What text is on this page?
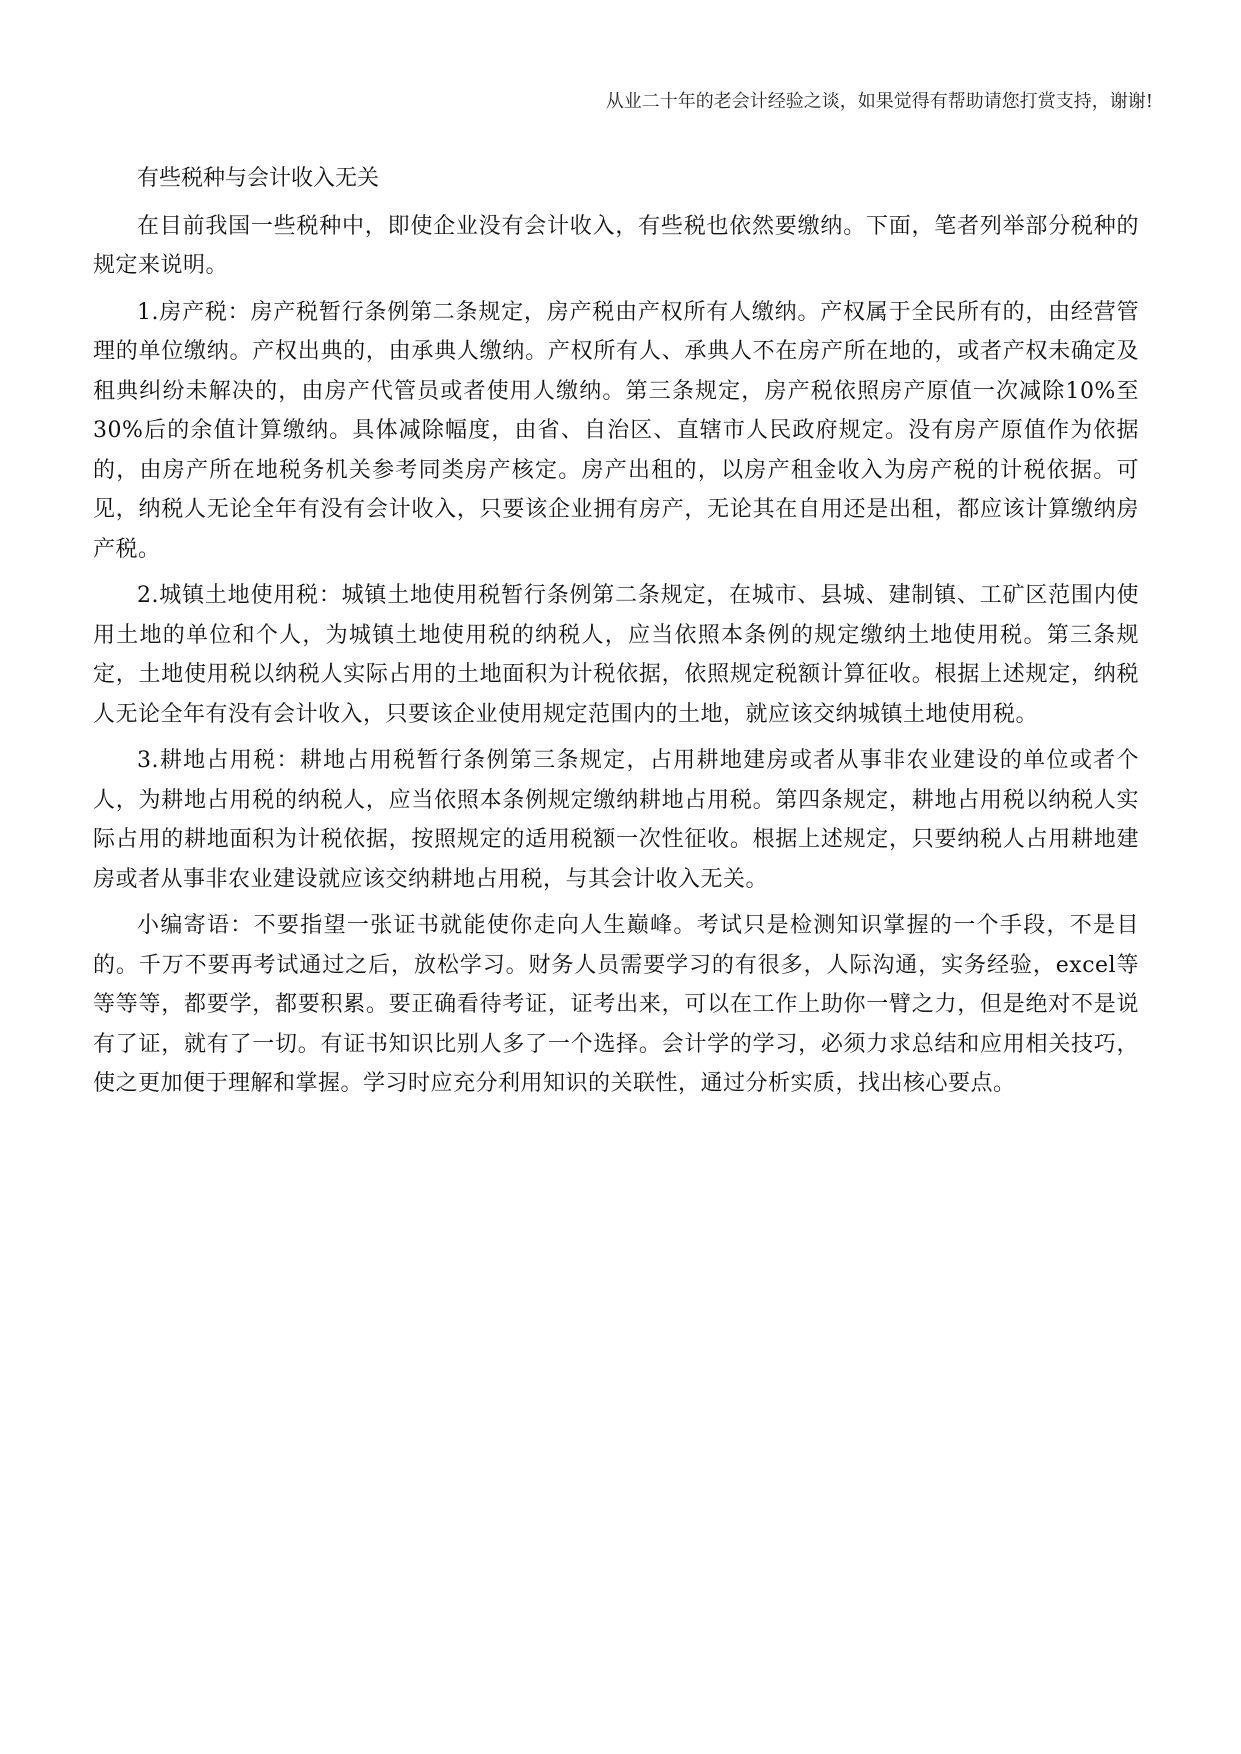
从业二十年的老会计经验之谈，如果觉得有帮助请您打赏支持，谢谢!

有些税种与会计收入无关

在目前我国一些税种中，即使企业没有会计收入，有些税也依然要缴纳。下面，笔者列举部分税种的规定来说明。

1.房产税：房产税暂行条例第二条规定，房产税由产权所有人缴纳。产权属于全民所有的，由经营管理的单位缴纳。产权出典的，由承典人缴纳。产权所有人、承典人不在房产所在地的，或者产权未确定及租典纠纷未解决的，由房产代管员或者使用人缴纳。第三条规定，房产税依照房产原值一次减除10%至30%后的余值计算缴纳。具体减除幅度，由省、自治区、直辖市人民政府规定。没有房产原值作为依据的，由房产所在地税务机关参考同类房产核定。房产出租的，以房产租金收入为房产税的计税依据。可见，纳税人无论全年有没有会计收入，只要该企业拥有房产，无论其在自用还是出租，都应该计算缴纳房产税。

2.城镇土地使用税：城镇土地使用税暂行条例第二条规定，在城市、县城、建制镇、工矿区范围内使用土地的单位和个人，为城镇土地使用税的纳税人，应当依照本条例的规定缴纳土地使用税。第三条规定，土地使用税以纳税人实际占用的土地面积为计税依据，依照规定税额计算征收。根据上述规定，纳税人无论全年有没有会计收入，只要该企业使用规定范围内的土地，就应该交纳城镇土地使用税。

3.耕地占用税：耕地占用税暂行条例第三条规定，占用耕地建房或者从事非农业建设的单位或者个人，为耕地占用税的纳税人，应当依照本条例规定缴纳耕地占用税。第四条规定，耕地占用税以纳税人实际占用的耕地面积为计税依据，按照规定的适用税额一次性征收。根据上述规定，只要纳税人占用耕地建房或者从事非农业建设就应该交纳耕地占用税，与其会计收入无关。

小编寄语：不要指望一张证书就能使你走向人生巅峰。考试只是检测知识掌握的一个手段，不是目的。千万不要再考试通过之后，放松学习。财务人员需要学习的有很多，人际沟通，实务经验，excel等等等等，都要学，都要积累。要正确看待考证，证考出来，可以在工作上助你一臂之力，但是绝对不是说有了证，就有了一切。有证书知识比别人多了一个选择。会计学的学习，必须力求总结和应用相关技巧，使之更加便于理解和掌握。学习时应充分利用知识的关联性，通过分析实质，找出核心要点。
